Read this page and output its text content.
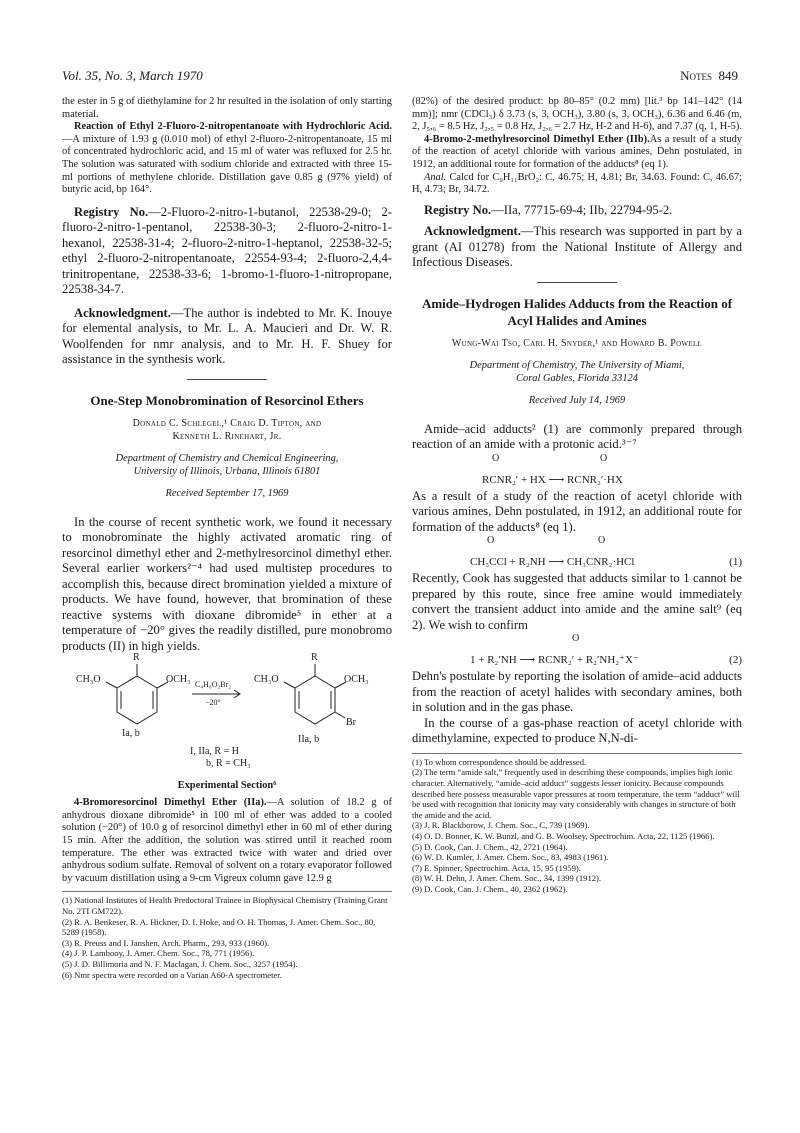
Vol. 35, No. 3, March 1970	Notes 849

the ester in 5 g of diethylamine for 2 hr resulted in the isolation of only starting material.

Reaction of Ethyl 2-Fluoro-2-nitropentanoate with Hydrochloric Acid.—A mixture of 1.93 g (0.010 mol) of ethyl 2-fluoro-2-nitropentanoate, 15 ml of concentrated hydrochloric acid, and 15 ml of water was refluxed for 2.5 hr. The solution was saturated with sodium chloride and extracted with three 15-ml portions of methylene chloride. Distillation gave 0.85 g (97% yield) of butyric acid, bp 164°.

Registry No.—2-Fluoro-2-nitro-1-butanol, 22538-29-0; 2-fluoro-2-nitro-1-pentanol, 22538-30-3; 2-fluoro-2-nitro-1-hexanol, 22538-31-4; 2-fluoro-2-nitro-1-heptanol, 22538-32-5; ethyl 2-fluoro-2-nitropentanoate, 22554-93-4; 2-fluoro-2,4,4-trinitropentane, 22538-33-6; 1-bromo-1-fluoro-1-nitropropane, 22538-34-7.

Acknowledgment.—The author is indebted to Mr. K. Inouye for elemental analysis, to Mr. L. A. Maucieri and Dr. W. R. Woolfenden for nmr analysis, and to Mr. H. F. Shuey for assistance in the synthesis work.

One-Step Monobromination of Resorcinol Ethers
Donald C. Schlegel,¹ Craig D. Tipton, and
Kenneth L. Rinehart, Jr.
Department of Chemistry and Chemical Engineering,
University of Illinois, Urbana, Illinois 61801
Received September 17, 1969

In the course of recent synthetic work, we found it necessary to monobrominate the highly activated aromatic ring of resorcinol dimethyl ether and 2-methylresorcinol dimethyl ether. Several earlier workers²⁻⁴ had used multistep procedures to accomplish this, because direct bromination yielded a mixture of products. We have found, however, that bromination of these reactive systems with dioxane dibromide⁵ in ether at a temperature of −20° gives the readily distilled, pure monobromo products (II) in high yields.

R
CH₃O	OCH₃ C₄H₈O₂Br₂
−20°
R
CH₃O	OCH₃
Br
Ia, b
IIa, b
I, IIa, R = H
b, R = CH₃
Experimental Section⁶

4-Bromoresorcinol Dimethyl Ether (IIa).—A solution of 18.2 g of anhydrous dioxane dibromide⁵ in 100 ml of ether was added to a cooled solution (−20°) of 10.0 g of resorcinol dimethyl ether in 60 ml of ether during 15 min. After the addition, the solution was stirred until it reached room temperature. The ether was extracted twice with water and dried over anhydrous sodium sulfate. Removal of solvent on a rotary evaporator followed by vacuum distillation using a 9-cm Vigreux column gave 12.9 g

(1) National Institutes of Health Predoctoral Trainee in Biophysical Chemistry (Training Grant No. 2TI GM722).

(2) R. A. Benkeser, R. A. Hickner, D. I. Hoke, and O. H. Thomas, J. Amer. Chem. Soc., 80, 5289 (1958).

(3) R. Preuss and I. Janshen, Arch. Pharm., 293, 933 (1960).

(4) J. P. Lambooy, J. Amer. Chem. Soc., 78, 771 (1956).

(5) J. D. Billimoria and N. F. Maclagan, J. Chem. Soc., 3257 (1954).

(6) Nmr spectra were recorded on a Varian A60-A spectrometer.

(82%) of the desired product: bp 80–85° (0.2 mm) [lit.³ bp 141–142° (14 mm)]; nmr (CDCl₃) δ 3.73 (s, 3, OCH₃), 3.80 (s, 3, OCH₃), 6.36 and 6.46 (m, 2, J₅,₆ = 8.5 Hz, J₂,₅ = 0.8 Hz, J₂,₆ = 2.7 Hz, H-2 and H-6), and 7.37 (q, 1, H-5).

4-Bromo-2-methylresorcinol Dimethyl Ether (IIb).As a result of a study of the reaction of acetyl chloride with various amines, Dehn postulated, in 1912, an additional route for formation of the adducts⁸ (eq 1).

Anal. Calcd for C₉H₁₁BrO₂: C, 46.75; H, 4.81; Br, 34.63. Found: C, 46.67; H, 4.73; Br, 34.72.

Registry No.—IIa, 77715-69-4; IIb, 22794-95-2.

Acknowledgment.—This research was supported in part by a grant (AI 01278) from the National Institute of Allergy and Infectious Diseases.

Amide–Hydrogen Halides Adducts from the Reaction of Acyl Halides and Amines
Wung-Wai Tso, Carl H. Snyder,¹ and Howard B. Powell
Department of Chemistry, The University of Miami,
Coral Gables, Florida 33124
Received July 14, 1969

Amide–acid adducts² (1) are commonly prepared through reaction of an amide with a protonic acid.³⁻⁷

O	O
RCNR₂′ + HX ⟶ RCNR₂′·HX

As a result of a study of the reaction of acetyl chloride with various amines, Dehn postulated, in 1912, an additional route for formation of the adducts⁸ (eq 1).

O	O
CH₃CCl + R₂NH ⟶ CH₃CNR₂·HCl	(1)

Recently, Cook has suggested that adducts similar to 1 cannot be prepared by this route, since free amine would immediately convert the transient adduct into amide and the amine salt⁹ (eq 2). We wish to confirm

O
1 + R₂′NH ⟶ RCNR₂′ + R₂′NH₂⁺X⁻	(2)

Dehn's postulate by reporting the isolation of amide–acid adducts from the reaction of acetyl halides with secondary amines, both in solution and in the gas phase.

In the course of a gas-phase reaction of acetyl chloride with dimethylamine, expected to produce N,N-di-

(1) To whom correspondence should be addressed.

(2) The term “amide salt,” frequently used in describing these compounds, implies high ionic character. Alternatively, “amide–acid adduct” suggests lesser ionicity. Because compounds described here possess measurable vapor pressures at room temperature, the term “adduct” will be used with recognition that ionicity may vary considerably with changes in structure of both the amide and the acid.

(3) J. R. Blackborow, J. Chem. Soc., C, 739 (1969).

(4) O. D. Bonner, K. W. Bunzl, and G. B. Woolsey, Spectrochim. Acta, 22, 1125 (1966).

(5) D. Cook, Can. J. Chem., 42, 2721 (1964).

(6) W. D. Kumler, J. Amer. Chem. Soc., 83, 4983 (1961).

(7) E. Spinner, Spectrochim. Acta, 15, 95 (1959).

(8) W. H. Dehn, J. Amer. Chem. Soc., 34, 1399 (1912).

(9) D. Cook, Can. J. Chem., 40, 2362 (1962).
